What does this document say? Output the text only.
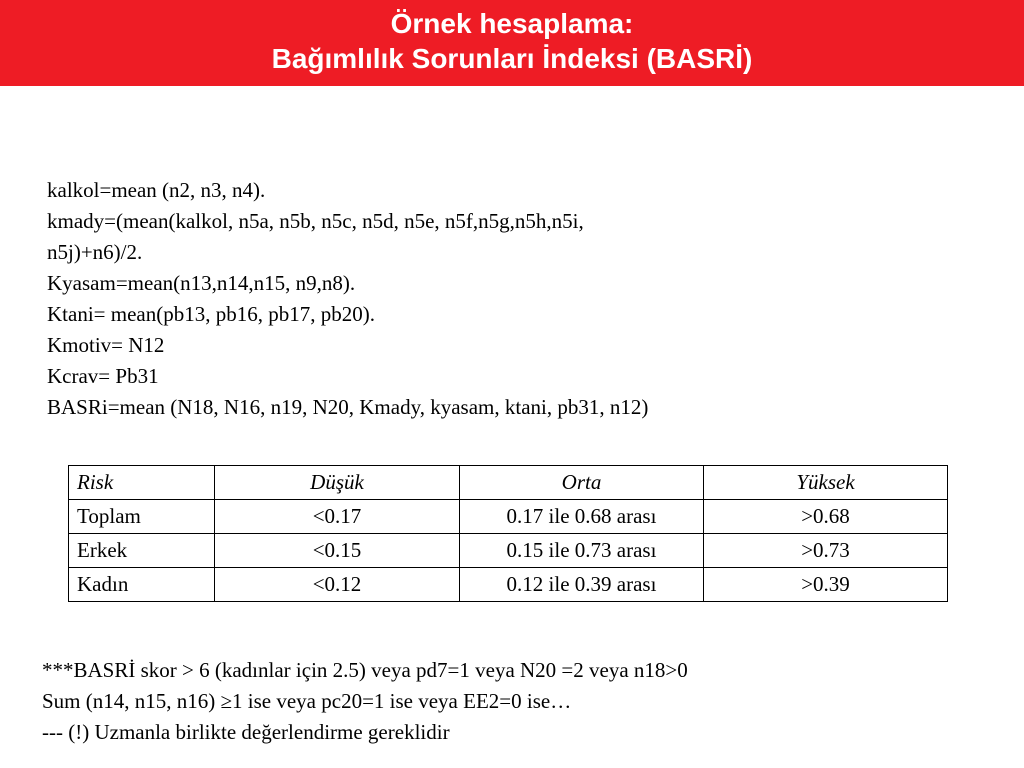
Örnek hesaplama:
Bağımlılık Sorunları İndeksi (BASRİ)
kalkol=mean (n2, n3, n4).
kmady=(mean(kalkol, n5a, n5b, n5c, n5d, n5e, n5f,n5g,n5h,n5i,
n5j)+n6)/2.
Kyasam=mean(n13,n14,n15, n9,n8).
Ktani= mean(pb13, pb16, pb17, pb20).
Kmotiv= N12
Kcrav= Pb31
BASRi=mean (N18, N16, n19, N20, Kmady, kyasam, ktani, pb31, n12)
Risk	Düşük	Orta	Yüksek
Toplam	<0.17	0.17 ile 0.68 arası	>0.68
Erkek	<0.15	0.15 ile 0.73 arası	>0.73
Kadın	<0.12	0.12 ile 0.39 arası	>0.39
***BASRİ skor > 6 (kadınlar için 2.5) veya pd7=1 veya N20 =2 veya n18>0
Sum (n14, n15, n16) ≥1 ise veya pc20=1 ise veya EE2=0 ise…
--- (!) Uzmanla birlikte değerlendirme gereklidir
